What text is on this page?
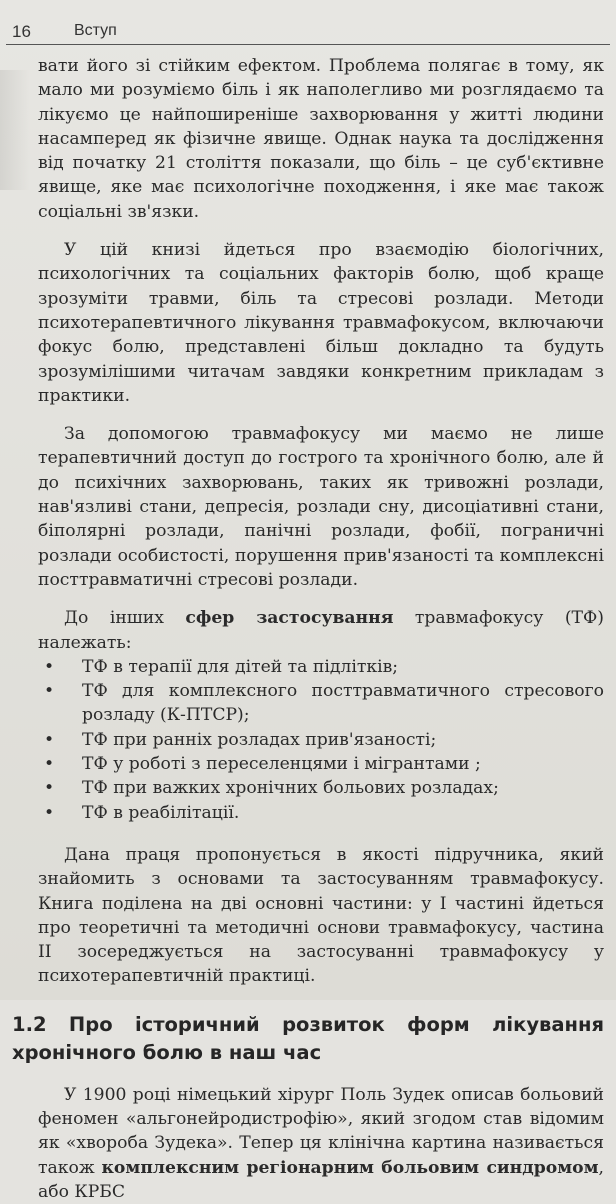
16	Вступ

вати його зі стійким ефектом. Проблема полягає в тому, як мало ми розуміємо біль і як наполегливо ми розглядаємо та лікуємо це найпоширеніше захворювання у житті людини насамперед як фізичне явище. Однак наука та дослідження від початку 21 століття показали, що біль – це суб'єктивне явище, яке має психологічне походження, і яке має також соціальні зв'язки.

У цій книзі йдеться про взаємодію біологічних, психологічних та соціальних факторів болю, щоб краще зрозуміти травми, біль та стресові розлади. Методи психотерапевтичного лікування травмафокусом, включаючи фокус болю, представлені більш докладно та будуть зрозумілішими читачам завдяки конкретним прикладам з практики.

За допомогою травмафокусу ми маємо не лише терапевтичний доступ до гострого та хронічного болю, але й до психічних захворювань, таких як тривожні розлади, нав'язливі стани, депресія, розлади сну, дисоціативні стани, біполярні розлади, панічні розлади, фобії, пограничні розлади особистості, порушення прив'язаності та комплексні посттравматичні стресові розлади.

До інших сфер застосування травмафокусу (ТФ) належать:

• ТФ в терапії для дітей та підлітків;
• ТФ для комплексного посттравматичного стресового розладу (К-ПТСР);
• ТФ при ранніх розладах прив'язаності;
• ТФ у роботі з переселенцями і мігрантами ;
• ТФ при важких хронічних больових розладах;
• ТФ в реабілітації.

Дана праця пропонується в якості підручника, який знайомить з основами та застосуванням травмафокусу. Книга поділена на дві основні частини: у І частині йдеться про теоретичні та методичні основи травмафокусу, частина ІІ зосереджується на застосуванні травмафокусу у психотерапевтичній практиці.

1.2 Про історичний розвиток форм лікування хронічного болю в наш час

У 1900 році німецький хірург Поль Зудек описав больовий феномен «альгонейродистрофію», який згодом став відомим як «хвороба Зудека». Тепер ця клінічна картина називається також комплексним регіонарним больовим синдромом, або КРБС
